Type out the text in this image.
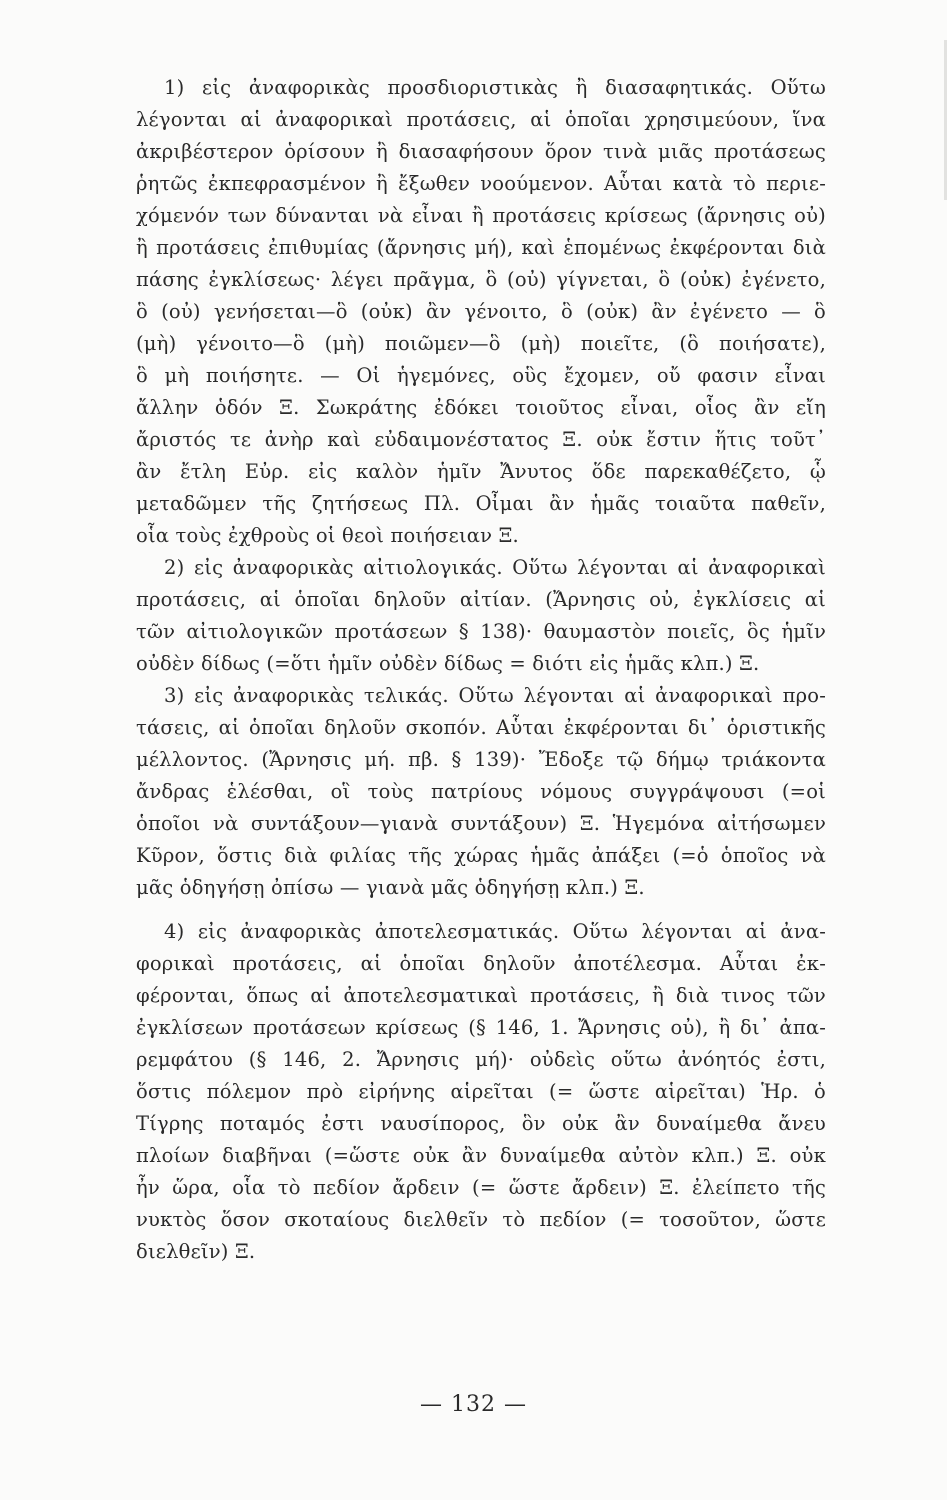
1) εἰς ἀναφορικὰς προσδιοριστικὰς ἢ διασαφητικάς. Οὕτω
λέγονται αἱ ἀναφορικαὶ προτάσεις, αἱ ὁποῖαι χρησιμεύουν, ἵνα
ἀκριβέστερον ὁρίσουν ἢ διασαφήσουν ὅρον τινὰ μιᾶς προτάσεως
ῥητῶς ἐκπεφρασμένον ἢ ἔξωθεν νοούμενον. Αὗται κατὰ τὸ περιε-
χόμενόν των δύνανται νὰ εἶναι ἢ προτάσεις κρίσεως (ἄρνησις οὐ)
ἢ προτάσεις ἐπιθυμίας (ἄρνησις μή), καὶ ἑπομένως ἐκφέρονται διὰ
πάσης ἐγκλίσεως· λέγει πρᾶγμα, ὃ (οὐ) γίγνεται, ὃ (οὐκ) ἐγένετο,
ὃ (οὐ) γενήσεται—ὃ (οὐκ) ἂν γένοιτο, ὃ (οὐκ) ἂν ἐγένετο — ὃ
(μὴ) γένοιτο—ὃ (μὴ) ποιῶμεν—ὃ (μὴ) ποιεῖτε, (ὃ ποιήσατε),
ὃ μὴ ποιήσητε. — Οἱ ἡγεμόνες, οὓς ἔχομεν, οὔ φασιν εἶναι
ἄλλην ὁδόν Ξ. Σωκράτης ἐδόκει τοιοῦτος εἶναι, οἷος ἂν εἴη
ἄριστός τε ἀνὴρ καὶ εὐδαιμονέστατος Ξ. οὐκ ἔστιν ἥτις τοῦτ᾿
ἂν ἔτλη Εὐρ. εἰς καλὸν ἡμῖν Ἄνυτος ὅδε παρεκαθέζετο, ᾧ
μεταδῶμεν τῆς ζητήσεως Πλ. Οἶμαι ἂν ἡμᾶς τοιαῦτα παθεῖν,
οἷα τοὺς ἐχθροὺς οἱ θεοὶ ποιήσειαν Ξ.
2) εἰς ἀναφορικὰς αἰτιολογικάς. Οὕτω λέγονται αἱ ἀναφορικαὶ
προτάσεις, αἱ ὁποῖαι δηλοῦν αἰτίαν. (Ἄρνησις οὐ, ἐγκλίσεις αἱ
τῶν αἰτιολογικῶν προτάσεων § 138)· θαυμαστὸν ποιεῖς, ὃς ἡμῖν
οὐδὲν δίδως (=ὅτι ἡμῖν οὐδὲν δίδως = διότι εἰς ἡμᾶς κλπ.) Ξ.
3) εἰς ἀναφορικὰς τελικάς. Οὕτω λέγονται αἱ ἀναφορικαὶ προ-
τάσεις, αἱ ὁποῖαι δηλοῦν σκοπόν. Αὗται ἐκφέρονται δι᾿ ὁριστικῆς
μέλλοντος. (Ἄρνησις μή. πβ. § 139)· Ἔδοξε τῷ δήμῳ τριάκοντα
ἄνδρας ἑλέσθαι, οἳ τοὺς πατρίους νόμους συγγράψουσι (=οἱ
ὁποῖοι νὰ συντάξουν—γιανὰ συντάξουν) Ξ. Ἡγεμόνα αἰτήσωμεν
Κῦρον, ὅστις διὰ φιλίας τῆς χώρας ἡμᾶς ἀπάξει (=ὁ ὁποῖος νὰ
μᾶς ὁδηγήσῃ ὀπίσω — γιανὰ μᾶς ὁδηγήσῃ κλπ.) Ξ.
4) εἰς ἀναφορικὰς ἀποτελεσματικάς. Οὕτω λέγονται αἱ ἀνα-
φορικαὶ προτάσεις, αἱ ὁποῖαι δηλοῦν ἀποτέλεσμα. Αὗται ἐκ-
φέρονται, ὅπως αἱ ἀποτελεσματικαὶ προτάσεις, ἢ διὰ τινος τῶν
ἐγκλίσεων προτάσεων κρίσεως (§ 146, 1. Ἄρνησις οὐ), ἢ δι᾿ ἀπα-
ρεμφάτου (§ 146, 2. Ἄρνησις μή)· οὐδεὶς οὕτω ἀνόητός ἐστι,
ὅστις πόλεμον πρὸ εἰρήνης αἱρεῖται (= ὥστε αἱρεῖται) Ἡρ. ὁ
Τίγρης ποταμός ἐστι ναυσίπορος, ὃν οὐκ ἂν δυναίμεθα ἄνευ
πλοίων διαβῆναι (=ὥστε οὐκ ἂν δυναίμεθα αὐτὸν κλπ.) Ξ. οὐκ
ἦν ὥρα, οἷα τὸ πεδίον ἄρδειν (= ὥστε ἄρδειν) Ξ. ἐλείπετο τῆς
νυκτὸς ὅσον σκοταίους διελθεῖν τὸ πεδίον (= τοσοῦτον, ὥστε
διελθεῖν) Ξ.
— 132 —
